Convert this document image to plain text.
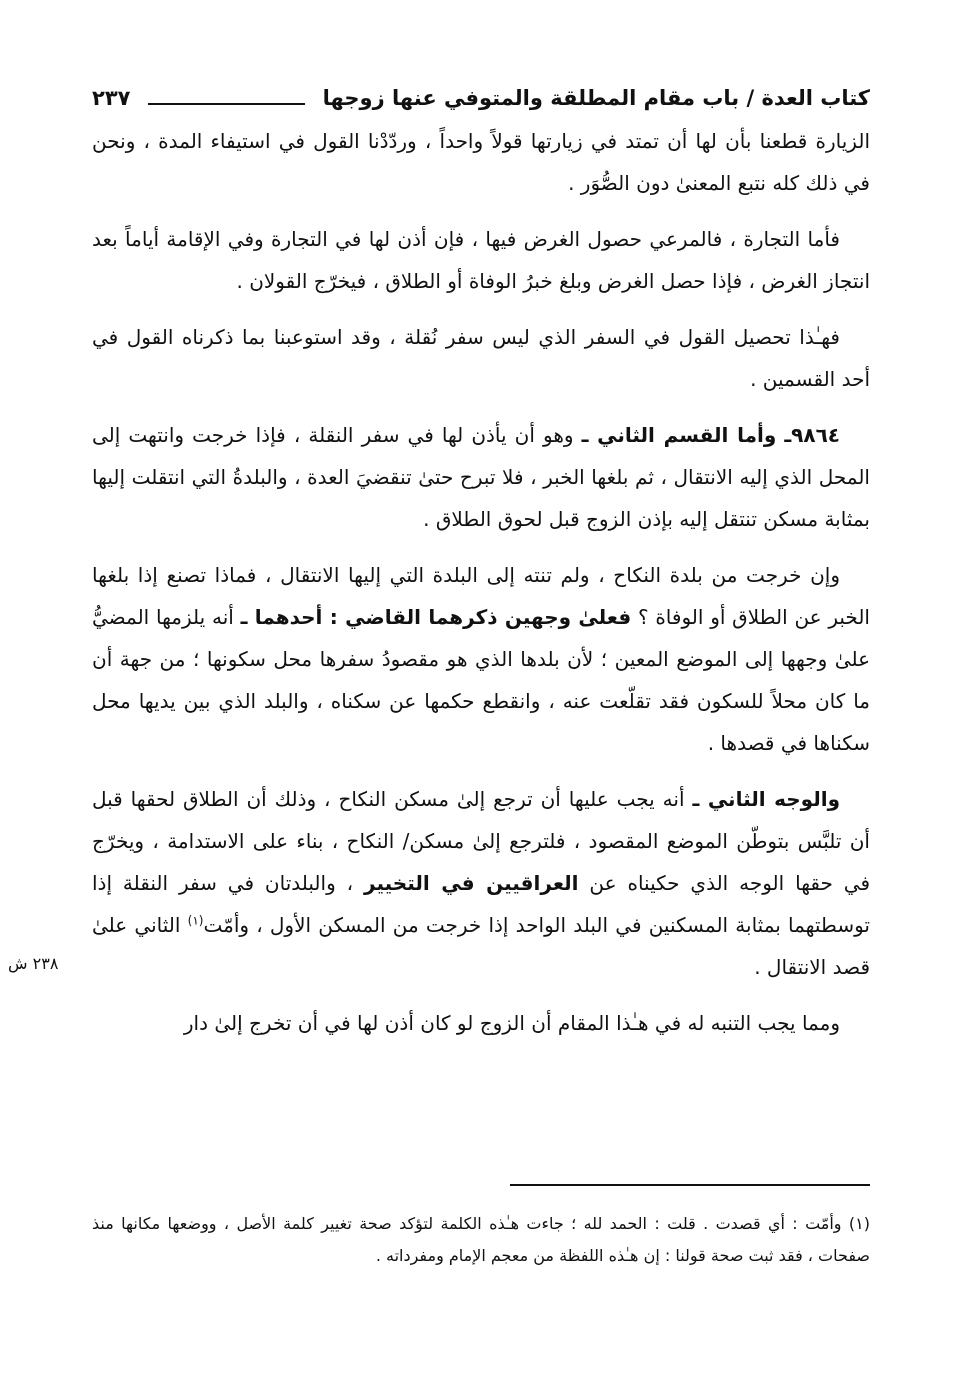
كتاب العدة / باب مقام المطلقة والمتوفي عنها زوجها
٢٣٧

الزيارة قطعنا بأن لها أن تمتد في زيارتها قولاً واحداً ، وردّدْنا القول في استيفاء المدة ، ونحن في ذلك كله نتبع المعنىٰ دون الصُّوَر .

فأما التجارة ، فالمرعي حصول الغرض فيها ، فإن أذن لها في التجارة وفي الإقامة أياماً بعد انتجاز الغرض ، فإذا حصل الغرض وبلغ خبرُ الوفاة أو الطلاق ، فيخرّج القولان .

فهـٰذا تحصيل القول في السفر الذي ليس سفر نُقلة ، وقد استوعبنا بما ذكرناه القول في أحد القسمين .

٩٨٦٤ـ وأما القسم الثاني ـ وهو أن يأذن لها في سفر النقلة ، فإذا خرجت وانتهت إلى المحل الذي إليه الانتقال ، ثم بلغها الخبر ، فلا تبرح حتىٰ تنقضيَ العدة ، والبلدةُ التي انتقلت إليها بمثابة مسكن تنتقل إليه بإذن الزوج قبل لحوق الطلاق .

وإن خرجت من بلدة النكاح ، ولم تنته إلى البلدة التي إليها الانتقال ، فماذا تصنع إذا بلغها الخبر عن الطلاق أو الوفاة ؟ فعلىٰ وجهين ذكرهما القاضي : أحدهما ـ أنه يلزمها المضيُّ علىٰ وجهها إلى الموضع المعين ؛ لأن بلدها الذي هو مقصودُ سفرها محل سكونها ؛ من جهة أن ما كان محلاً للسكون فقد تقلّعت عنه ، وانقطع حكمها عن سكناه ، والبلد الذي بين يديها محل سكناها في قصدها .

والوجه الثاني ـ أنه يجب عليها أن ترجع إلىٰ مسكن النكاح ، وذلك أن الطلاق لحقها قبل أن تلبَّس بتوطّن الموضع المقصود ، فلترجع إلىٰ مسكن/ النكاح ، بناء على الاستدامة ، ويخرّج في حقها الوجه الذي حكيناه عن العراقيين في التخيير ، والبلدتان في سفر النقلة إذا توسطتهما بمثابة المسكنين في البلد الواحد إذا خرجت من المسكن الأول ، وأمّت$^{(١)}$ الثاني علىٰ قصد الانتقال .

ومما يجب التنبه له في هـٰذا المقام أن الزوج لو كان أذن لها في أن تخرج إلىٰ دار

٢٣٨ ش
(١) وأمّت : أي قصدت . قلت : الحمد لله ؛ جاءت هـٰذه الكلمة لتؤكد صحة تغيير كلمة الأصل ، ووضعها مكانها منذ صفحات ، فقد ثبت صحة قولنا : إن هـٰذه اللفظة من معجم الإمام ومفرداته .
